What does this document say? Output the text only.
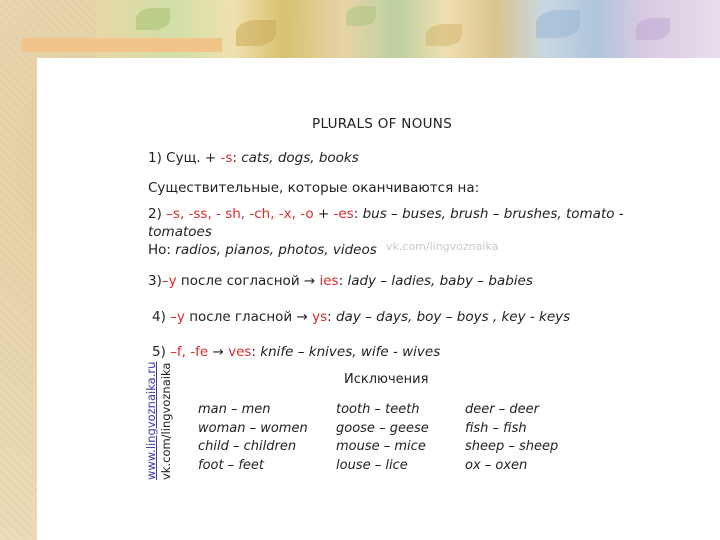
PLURALS OF NOUNS
1) Сущ. + -s: cats, dogs, books
Существительные, которые оканчиваются на:
2) –s, -ss, - sh, -ch, -x, -o + -es: bus – buses, brush – brushes, tomato -
tomatoes
Но: radios, pianos, photos, videos vk.com/lingvoznaika
3)–y после согласной → ies: lady – ladies, baby – babies
4) –y после гласной → ys: day – days, boy – boys , key - keys
5) –f, -fe → ves: knife – knives, wife - wives
Исключения
man – men
woman – women
child – children
foot – feet
tooth – teeth
goose – geese
mouse – mice
louse – lice
deer – deer
fish – fish
sheep – sheep
ox – oxen
www.lingvoznaika.ru vk.com/lingvoznaika
